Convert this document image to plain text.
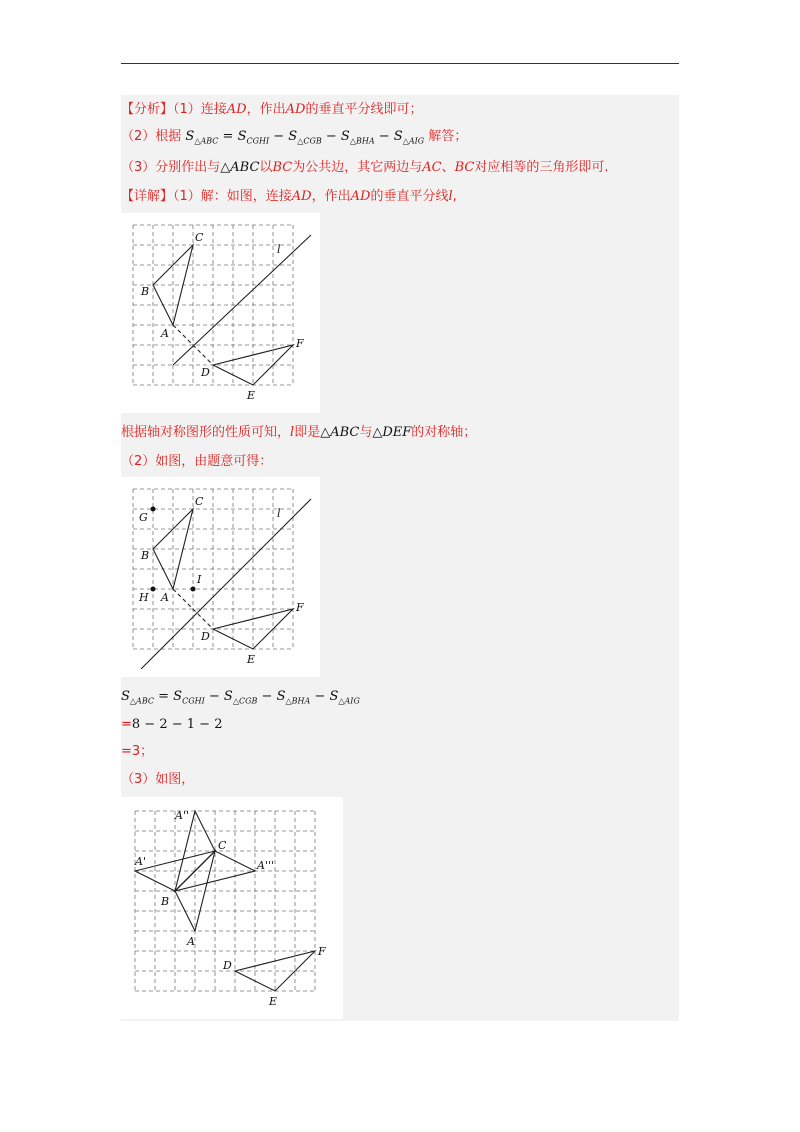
【分析】（1）连接AD，作出AD的垂直平分线即可；
（2）根据 $S_{\triangle ABC} = S_{CGHI} - S_{\triangle CGB} - S_{\triangle BHA} - S_{\triangle AIG}$ 解答；
（3）分别作出与△ABC以BC为公共边，其它两边与AC、BC对应相等的三角形即可.
【详解】（1）解：如图，连接AD，作出AD的垂直平分线l,
C
l
B
A
F
D
E
根据轴对称图形的性质可知，l即是△ABC与△DEF的对称轴；
（2）如图，由题意可得：
G
C
l
B
I
H A
F
D
E
$S_{\triangle ABC} = S_{CGHI} - S_{\triangle CGB} - S_{\triangle BHA} - S_{\triangle AIG}$
=8 − 2 − 1 − 2
=3；
（3）如图，
A''
C
A'	A'''
B
A
D
F
E
